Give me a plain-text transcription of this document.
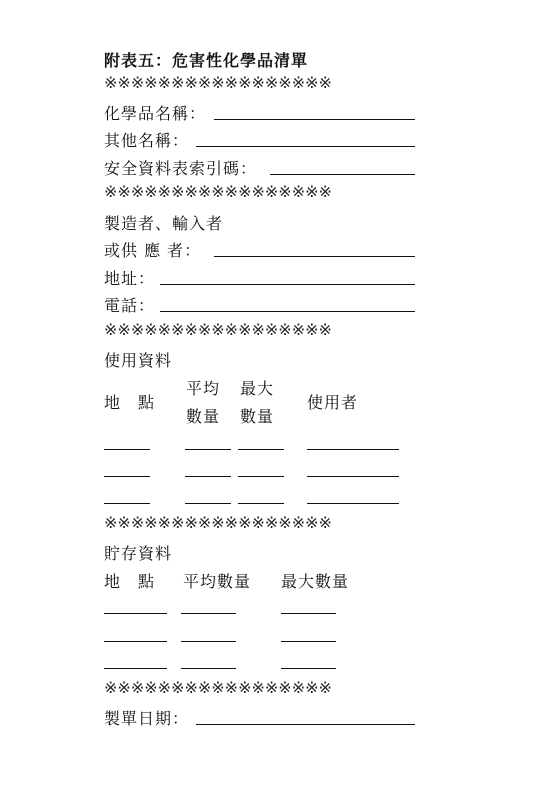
附表五：危害性化學品清單
※※※※※※※※※※※※※※※※※
化學品名稱：
其他名稱：
安全資料表索引碼：
※※※※※※※※※※※※※※※※※
製造者、輸入者
或供 應 者：
地址：
電話：
※※※※※※※※※※※※※※※※※
使用資料
地　點
平均
數量
最大
數量
使用者
※※※※※※※※※※※※※※※※※
貯存資料
地　點 平均數量 最大數量
※※※※※※※※※※※※※※※※※
製單日期：
